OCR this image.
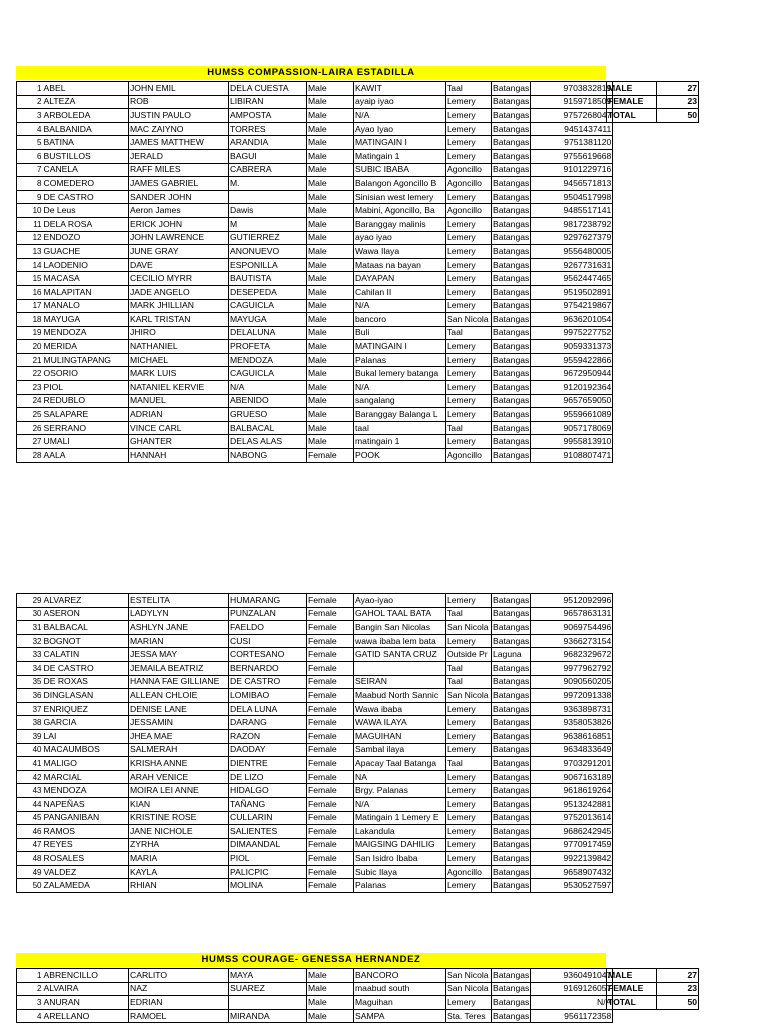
HUMSS COMPASSION-LAIRA ESTADILLA
1	ABEL	JOHN EMIL	DELA CUESTA	Male	KAWIT	Taal	Batangas	9703832819
2	ALTEZA	ROB	LIBIRAN	Male	ayaip iyao	Lemery	Batangas	9159718509
3	ARBOLEDA	JUSTIN PAULO	AMPOSTA	Male	N/A	Lemery	Batangas	9757268047
4	BALBANIDA	MAC ZAIYNO	TORRES	Male	Ayao Iyao	Lemery	Batangas	9451437411
5	BATINA	JAMES MATTHEW	ARANDIA	Male	MATINGAIN I	Lemery	Batangas	9751381120
6	BUSTILLOS	JERALD	BAGUI	Male	Matingain 1	Lemery	Batangas	9755619668
7	CANELA	RAFF MILES	CABRERA	Male	SUBIC IBABA	Agoncillo	Batangas	9101229716
8	COMEDERO	JAMES GABRIEL	M.	Male	Balangon Agoncillo B	Agoncillo	Batangas	9456571813
9	DE CASTRO	SANDER JOHN		Male	Sinisian west lemery	Lemery	Batangas	9504517998
10	De Leus	Aeron James	Dawis	Male	Mabini, Agoncillo, Ba	Agoncillo	Batangas	9485517141
11	DELA ROSA	ERICK JOHN	M	Male	Baranggay malinis	Lemery	Batangas	9817238792
12	ENDOZO	JOHN LAWRENCE	GUTIERREZ	Male	ayao iyao	Lemery	Batangas	9297627379
13	GUACHE	JUNE GRAY	ANONUEVO	Male	Wawa Ilaya	Lemery	Batangas	9556480005
14	LAODENIO	DAVE	ESPONILLA	Male	Mataas na bayan	Lemery	Batangas	9267731631
15	MACASA	CECILIO MYRR	BAUTISTA	Male	DAYAPAN	Lemery	Batangas	9562447465
16	MALAPITAN	JADE ANGELO	DESEPEDA	Male	Cahilan II	Lemery	Batangas	9519502891
17	MANALO	MARK JHILLIAN	CAGUICLA	Male	N/A	Lemery	Batangas	9754219867
18	MAYUGA	KARL TRISTAN	MAYUGA	Male	bancoro	San Nicola	Batangas	9636201054
19	MENDOZA	JHIRO	DELALUNA	Male	Buli	Taal	Batangas	9975227752
20	MERIDA	NATHANIEL	PROFETA	Male	MATINGAIN I	Lemery	Batangas	9059331373
21	MULINGTAPANG	MICHAEL	MENDOZA	Male	Palanas	Lemery	Batangas	9559422866
22	OSORIO	MARK LUIS	CAGUICLA	Male	Bukal lemery batanga	Lemery	Batangas	9672950944
23	PIOL	NATANIEL KERVIE	N/A	Male	N/A	Lemery	Batangas	9120192364
24	REDUBLO	MANUEL	ABENIDO	Male	sangalang	Lemery	Batangas	9657659050
25	SALAPARE	ADRIAN	GRUESO	Male	Baranggay Balanga L	Lemery	Batangas	9559661089
26	SERRANO	VINCE CARL	BALBACAL	Male	taal	Taal	Batangas	9057178069
27	UMALI	GHANTER	DELAS ALAS	Male	matingain 1	Lemery	Batangas	9955813910
28	AALA	HANNAH	NABONG	Female	POOK	Agoncillo	Batangas	9108807471
MALE	27
FEMALE	23
TOTAL	50
29	ALVAREZ	ESTELITA	HUMARANG	Female	Ayao-iyao	Lemery	Batangas	9512092996
30	ASERON	LADYLYN	PUNZALAN	Female	GAHOL TAAL BATA	Taal	Batangas	9657863131
31	BALBACAL	ASHLYN JANE	FAELDO	Female	Bangin San Nicolas	San Nicola	Batangas	9069754496
32	BOGNOT	MARIAN	CUSI	Female	wawa ibaba lem bata	Lemery	Batangas	9366273154
33	CALATIN	JESSA MAY	CORTESANO	Female	GATID SANTA CRUZ	Outside Pr	Laguna	9682329672
34	DE CASTRO	JEMAILA BEATRIZ	BERNARDO	Female		Taal	Batangas	9977962792
35	DE ROXAS	HANNA FAE GILLIANE	DE CASTRO	Female	SEIRAN	Taal	Batangas	9090560205
36	DINGLASAN	ALLEAN CHLOIE	LOMIBAO	Female	Maabud North Sannic	San Nicola	Batangas	9972091338
37	ENRIQUEZ	DENISE LANE	DELA LUNA	Female	Wawa ibaba	Lemery	Batangas	9363898731
38	GARCIA	JESSAMIN	DARANG	Female	WAWA ILAYA	Lemery	Batangas	9358053826
39	LAI	JHEA MAE	RAZON	Female	MAGUIHAN	Lemery	Batangas	9638616851
40	MACAUMBOS	SALMERAH	DAODAY	Female	Sambal ilaya	Lemery	Batangas	9634833649
41	MALIGO	KRISHA ANNE	DIENTRE	Female	Apacay Taal Batanga	Taal	Batangas	9703291201
42	MARCIAL	ARAH VENICE	DE LIZO	Female	NA	Lemery	Batangas	9067163189
43	MENDOZA	MOIRA LEI ANNE	HIDALGO	Female	Brgy. Palanas	Lemery	Batangas	9618619264
44	NAPEÑAS	KIAN	TAÑANG	Female	N/A	Lemery	Batangas	9513242881
45	PANGANIBAN	KRISTINE ROSE	CULLARIN	Female	Matingain 1 Lemery E	Lemery	Batangas	9752013614
46	RAMOS	JANE NICHOLE	SALIENTES	Female	Lakandula	Lemery	Batangas	9686242945
47	REYES	ZYRHA	DIMAANDAL	Female	MAIGSING DAHILIG	Lemery	Batangas	9770917459
48	ROSALES	MARIA	PIOL	Female	San Isidro Ibaba	Lemery	Batangas	9922139842
49	VALDEZ	KAYLA	PALICPIC	Female	Subic Ilaya	Agoncillo	Batangas	9658907432
50	ZALAMEDA	RHIAN	MOLINA	Female	Palanas	Lemery	Batangas	9530527597
HUMSS COURAGE- GENESSA HERNANDEZ
1	ABRENCILLO	CARLITO	MAYA	Male	BANCORO	San Nicola	Batangas	9360491047
2	ALVAIRA	NAZ	SUAREZ	Male	maabud south	San Nicola	Batangas	9169126057
3	ANURAN	EDRIAN		Male	Maguihan	Lemery	Batangas	N/A
4	ARELLANO	RAMOEL	MIRANDA	Male	SAMPA	Sta. Teres	Batangas	9561172358
MALE	27
FEMALE	23
TOTAL	50
